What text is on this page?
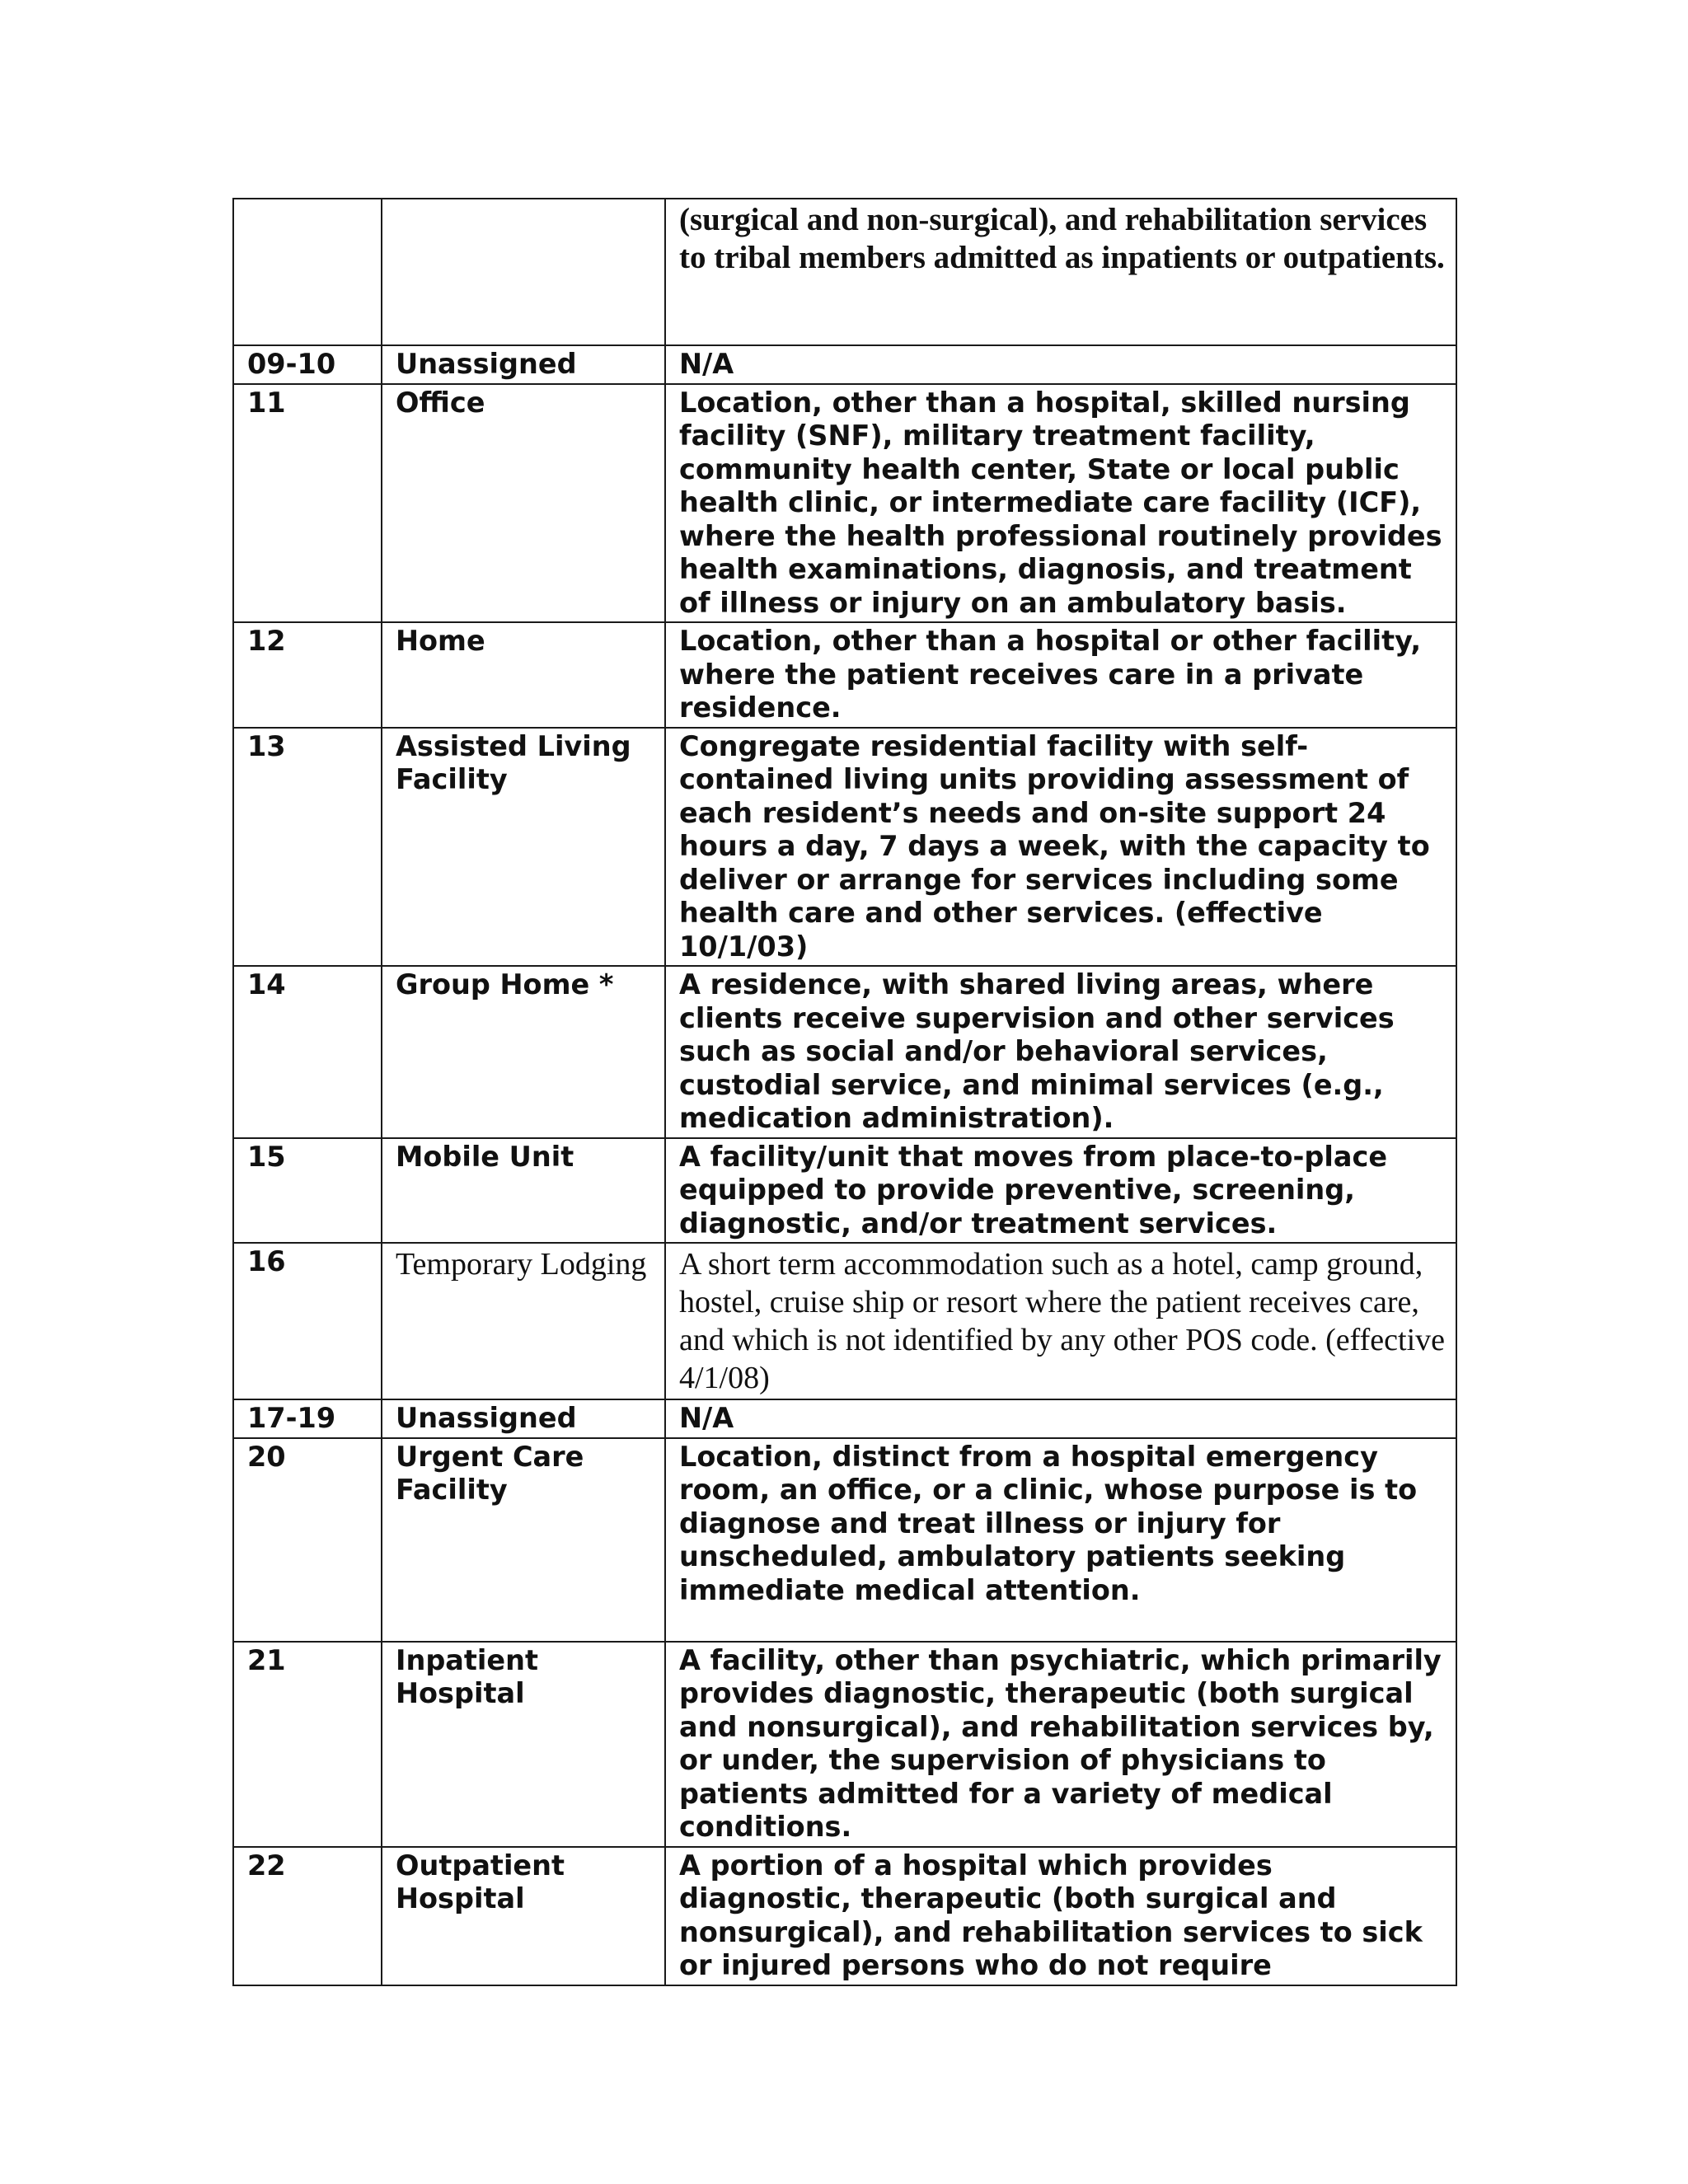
		(surgical and non-surgical), and rehabilitation services to tribal members admitted as inpatients or outpatients.
09-10	Unassigned	N/A
11	Office	Location, other than a hospital, skilled nursing facility (SNF), military treatment facility, community health center, State or local public health clinic, or intermediate care facility (ICF), where the health professional routinely provides health examinations, diagnosis, and treatment of illness or injury on an ambulatory basis.
12	Home	Location, other than a hospital or other facility, where the patient receives care in a private residence.
13	Assisted Living Facility	Congregate residential facility with self-contained living units providing assessment of each resident’s needs and on-site support 24 hours a day, 7 days a week, with the capacity to deliver or arrange for services including some health care and other services. (effective 10/1/03)
14	Group Home *	A residence, with shared living areas, where clients receive supervision and other services such as social and/or behavioral services, custodial service, and minimal services (e.g., medication administration).
15	Mobile Unit	A facility/unit that moves from place-to-place equipped to provide preventive, screening, diagnostic, and/or treatment services.
16	Temporary Lodging	A short term accommodation such as a hotel, camp ground, hostel, cruise ship or resort where the patient receives care, and which is not identified by any other POS code. (effective 4/1/08)
17-19	Unassigned	N/A
20	Urgent Care Facility	Location, distinct from a hospital emergency room, an office, or a clinic, whose purpose is to diagnose and treat illness or injury for unscheduled, ambulatory patients seeking immediate medical attention.
21	Inpatient Hospital	A facility, other than psychiatric, which primarily provides diagnostic, therapeutic (both surgical and nonsurgical), and rehabilitation services by, or under, the supervision of physicians to patients admitted for a variety of medical conditions.
22	Outpatient Hospital	A portion of a hospital which provides diagnostic, therapeutic (both surgical and nonsurgical), and rehabilitation services to sick or injured persons who do not require
